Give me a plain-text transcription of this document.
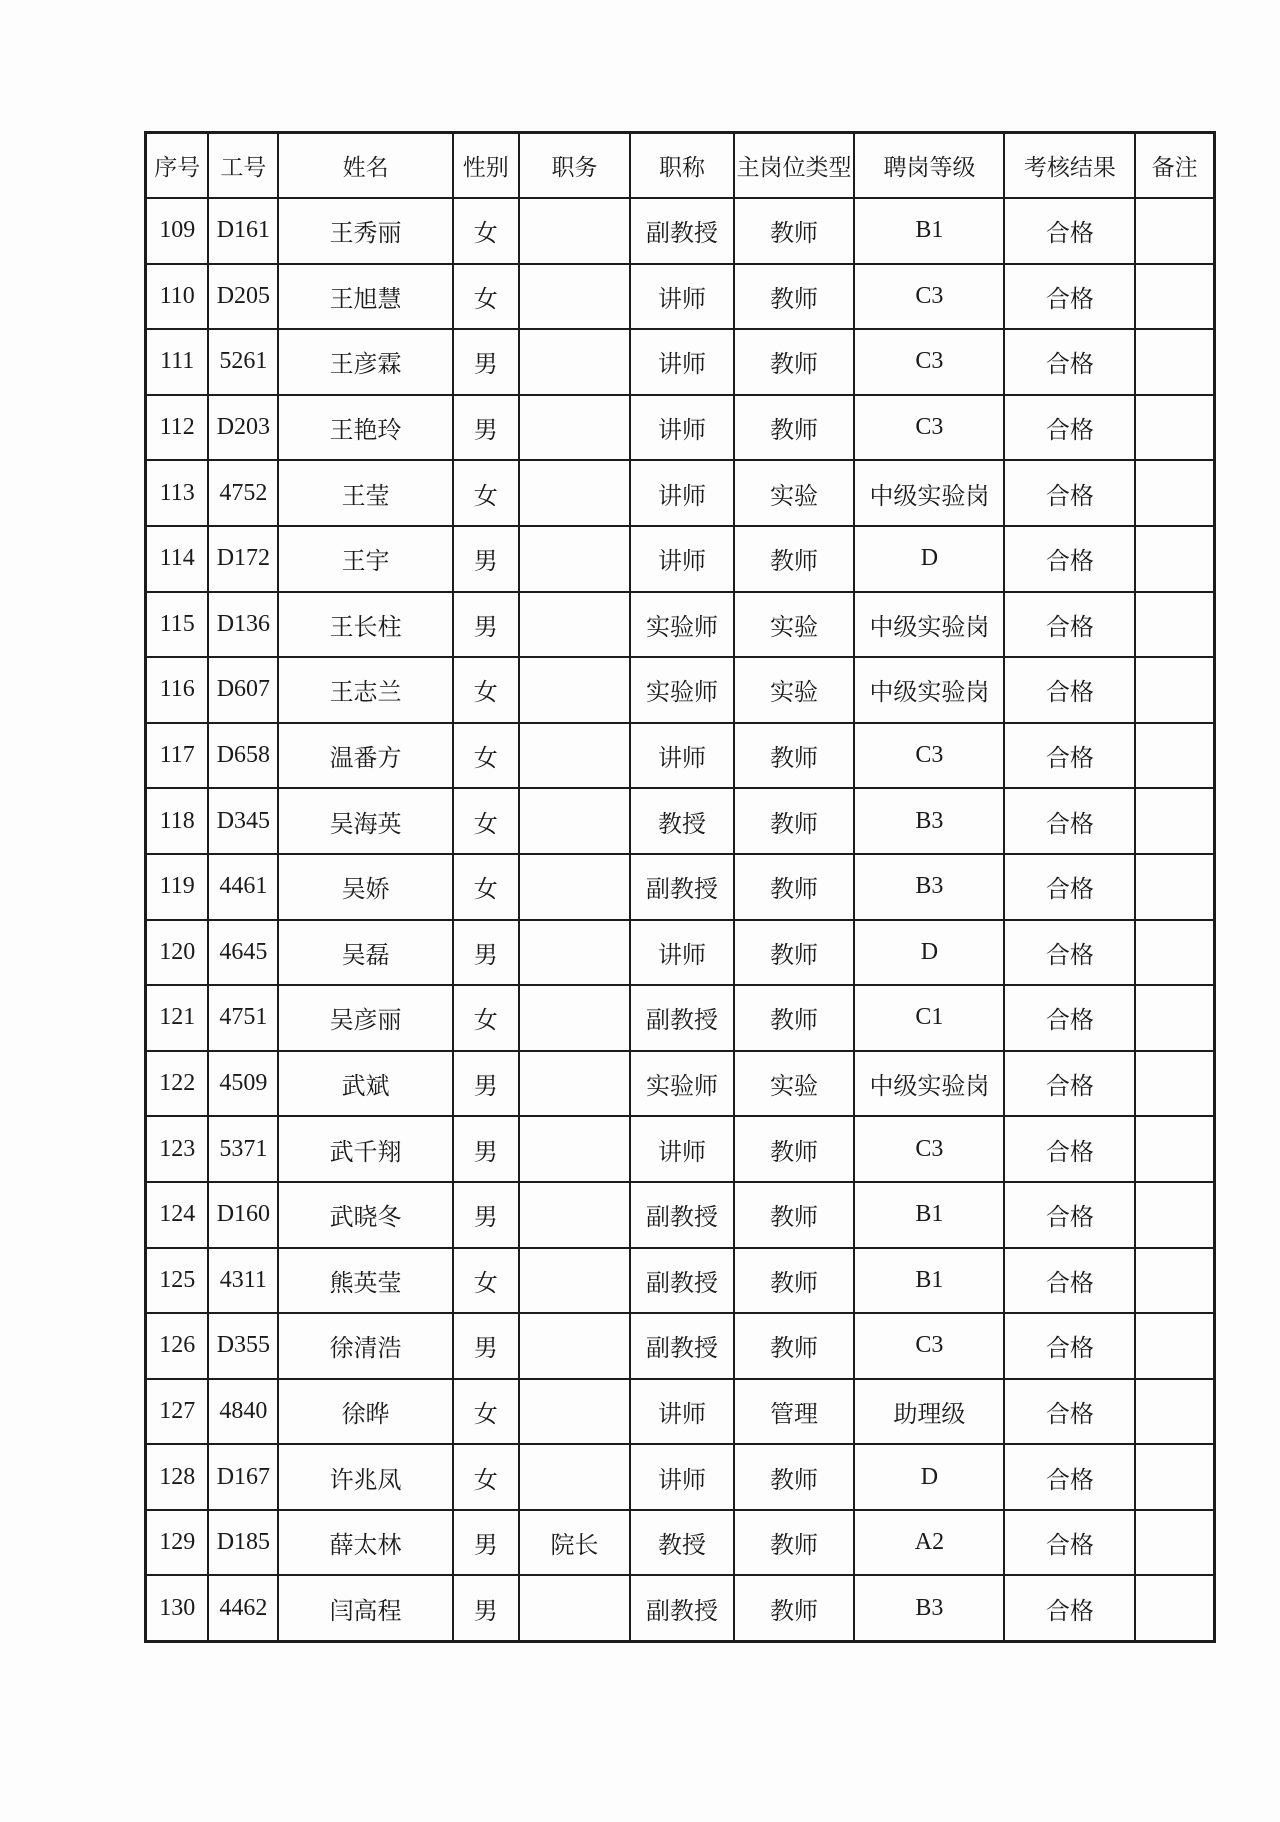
序号	工号	姓名	性别	职务	职称	主岗位类型	聘岗等级	考核结果	备注
109	D161	王秀丽	女		副教授	教师	B1	合格	
110	D205	王旭慧	女		讲师	教师	C3	合格	
111	5261	王彦霖	男		讲师	教师	C3	合格	
112	D203	王艳玲	男		讲师	教师	C3	合格	
113	4752	王莹	女		讲师	实验	中级实验岗	合格	
114	D172	王宇	男		讲师	教师	D	合格	
115	D136	王长柱	男		实验师	实验	中级实验岗	合格	
116	D607	王志兰	女		实验师	实验	中级实验岗	合格	
117	D658	温番方	女		讲师	教师	C3	合格	
118	D345	吴海英	女		教授	教师	B3	合格	
119	4461	吴娇	女		副教授	教师	B3	合格	
120	4645	吴磊	男		讲师	教师	D	合格	
121	4751	吴彦丽	女		副教授	教师	C1	合格	
122	4509	武斌	男		实验师	实验	中级实验岗	合格	
123	5371	武千翔	男		讲师	教师	C3	合格	
124	D160	武晓冬	男		副教授	教师	B1	合格	
125	4311	熊英莹	女		副教授	教师	B1	合格	
126	D355	徐清浩	男		副教授	教师	C3	合格	
127	4840	徐晔	女		讲师	管理	助理级	合格	
128	D167	许兆凤	女		讲师	教师	D	合格	
129	D185	薛太林	男	院长	教授	教师	A2	合格	
130	4462	闫高程	男		副教授	教师	B3	合格	
